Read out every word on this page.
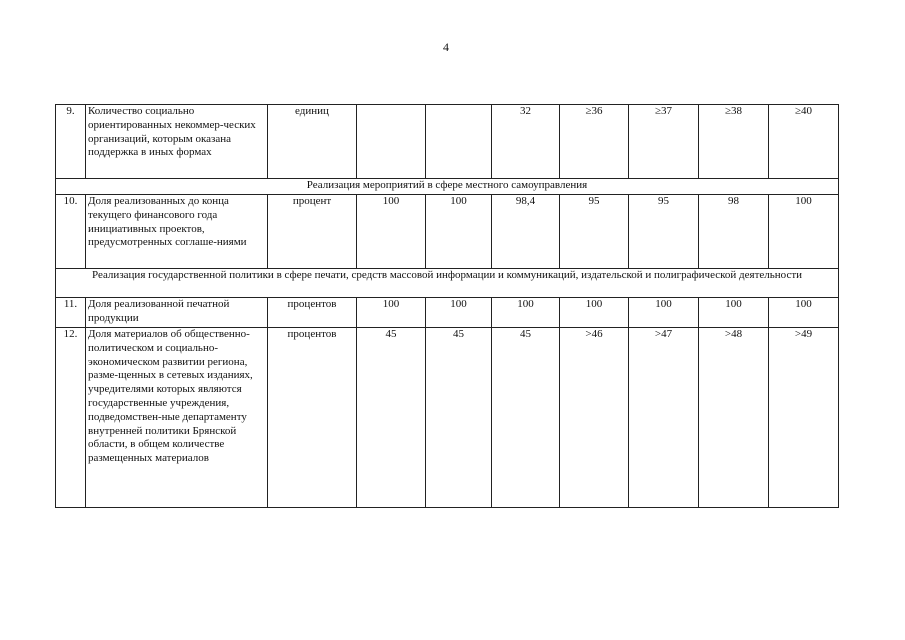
4
9.	Количество социально ориентированных некоммер-ческих организаций, которым оказана поддержка в иных формах	единиц			32	≥36	≥37	≥38	≥40
Реализация мероприятий в сфере местного самоуправления									
10.	Доля реализованных до конца текущего финансового года инициативных проектов, предусмотренных соглаше-ниями	процент	100	100	98,4	95	95	98	100
Реализация государственной политики в сфере печати, средств массовой информации и коммуникаций, издательской и полиграфической деятельности									
11.	Доля реализованной печатной продукции	процентов	100	100	100	100	100	100	100
12.	Доля материалов об общественно-политическом и социально-экономическом развитии региона, разме-щенных в сетевых изданиях, учредителями которых являются государственные учреждения, подведомствен-ные департаменту внутренней политики Брянской области, в общем количестве размещенных материалов	процентов	45	45	45	>46	>47	>48	>49
